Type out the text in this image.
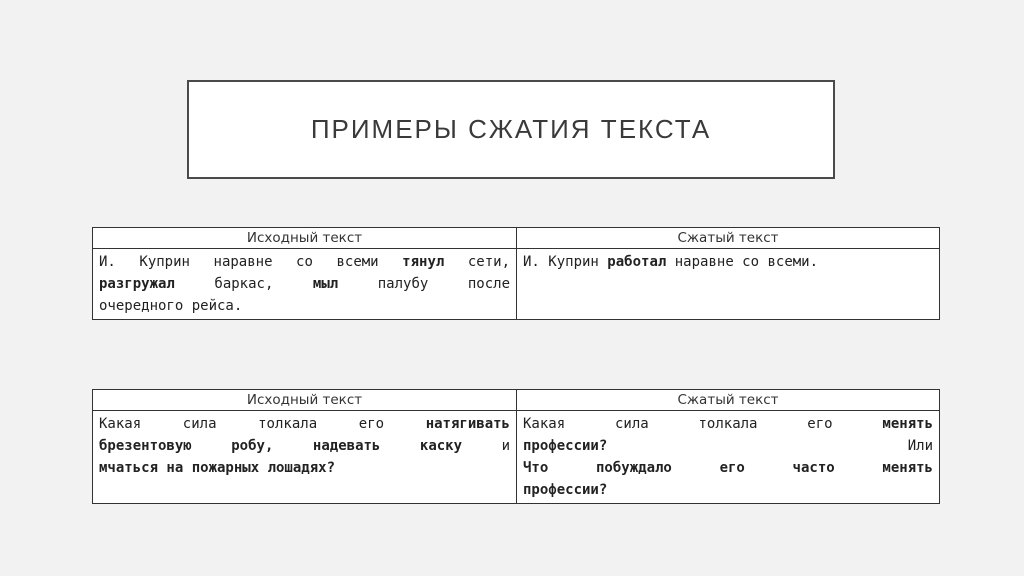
ПРИМЕРЫ СЖАТИЯ ТЕКСТА
Исходный текст	Сжатый текст

И. Куприн наравне со всеми тянул сети,
разгружал баркас, мыл палубу после
очередного рейса.	И. Куприн работал наравне со всеми.
Исходный текст	Сжатый текст

Какая сила толкала его натягивать
брезентовую робу, надевать каску и
мчаться на пожарных лошадях?	Какая сила толкала его менять
профессии? Или
Что побуждало его часто менять
профессии?
